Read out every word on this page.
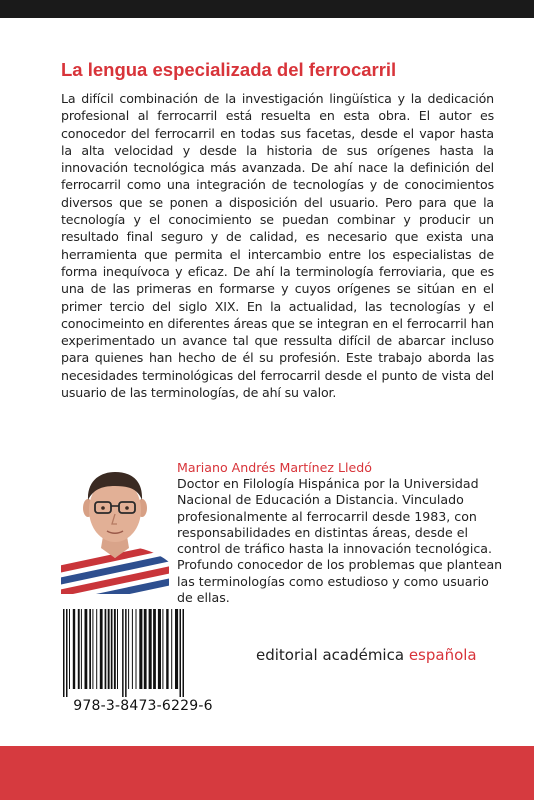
La lengua especializada del ferrocarril
La difícil combinación de la investigación lingüística y la dedicación profesional al ferrocarril está resuelta en esta obra. El autor es conocedor del ferrocarril en todas sus facetas, desde el vapor hasta la alta velocidad y desde la historia de sus orígenes hasta la innovación tecnológica más avanzada. De ahí nace la definición del ferrocarril como una integración de tecnologías y de conocimientos diversos que se ponen a disposición del usuario. Pero para que la tecnología y el conocimiento se puedan combinar y producir un resultado final seguro y de calidad, es necesario que exista una herramienta que permita el intercambio entre los especialistas de forma inequívoca y eficaz. De ahí la terminología ferroviaria, que es una de las primeras en formarse y cuyos orígenes se sitúan en el primer tercio del siglo XIX. En la actualidad, las tecnologías y el conocimeinto en diferentes áreas que se integran en el ferrocarril han experimentado un avance tal que ressulta difícil de abarcar incluso para quienes han hecho de él su profesión. Este trabajo aborda las necesidades terminológicas del ferrocarril desde el punto de vista del usuario de las terminologías, de ahí su valor.
Mariano Andrés Martínez Lledó
Doctor en Filología Hispánica por la Universidad Nacional de Educación a Distancia. Vinculado profesionalmente al ferrocarril desde 1983, con responsabilidades en distintas áreas, desde el control de tráfico hasta la innovación tecnológica. Profundo conocedor de los problemas que plantean las terminologías como estudioso y como usuario de ellas.
978-3-8473-6229-6
editorial académica española
